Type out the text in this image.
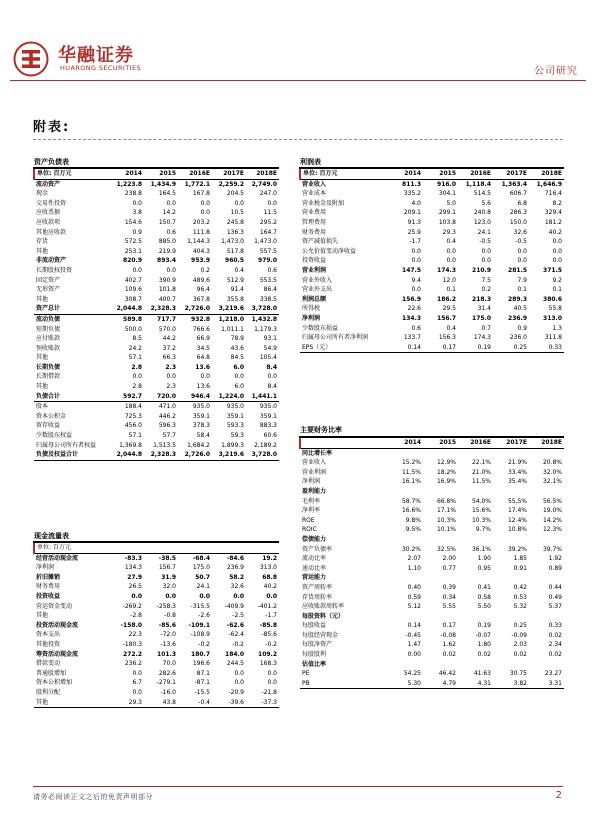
华融证券
HUARONG SECURITIES	公司研究
附表:
资产负债表
单位: 百万元	2014	2015	2016E	2017E	2018E
流动资产	1,223.8	1,434.9	1,772.1	2,259.2	2,749.0
现金	238.8	164.5	167.8	204.5	247.0
交易性投资	0.0	0.0	0.0	0.0	0.0
应收票据	3.8	14.2	0.0	10.5	11.5
应收款项	154.6	150.7	203.2	245.8	295.2
其他应收款	0.9	0.6	111.8	136.3	164.7
存货	572.5	885.0	1,144.3	1,473.0	1,473.0
其他	253.1	219.9	404.3	517.8	557.5
非流动资产	820.9	893.4	953.9	960.5	979.0
长期股权投资	0.0	0.0	0.2	0.4	0.6
固定资产	402.7	390.9	489.6	512.9	553.5
无形资产	109.6	101.8	96.4	91.4	86.4
其他	308.7	400.7	367.8	355.8	338.5
资产总计	2,044.8	2,328.3	2,726.0	3,219.6	3,728.0
流动负债	589.8	717.7	932.8	1,218.0	1,432.8
短期负债	500.0	570.0	766.6	1,011.1	1,179.3
应付账款	8.5	44.2	66.9	78.9	93.1
预收账款	24.2	37.2	34.5	43.6	54.9
其他	57.1	66.3	64.8	84.5	105.4
长期负债	2.8	2.3	13.6	6.0	8.4
长期借款	0.0	0.0	0.0	0.0	0.0
其他	2.8	2.3	13.6	6.0	8.4
负债合计	592.7	720.0	946.4	1,224.0	1,441.1
股本	188.4	471.0	935.0	935.0	935.0
资本公积金	725.3	446.2	359.1	359.1	359.1
留存收益	456.0	596.3	378.3	593.3	883.3
少数股东权益	57.1	57.7	58.4	59.3	60.6
归属母公司所有者权益	1,369.8	1,513.5	1,684.2	1,899.3	2,189.2
负债及权益合计	2,044.8	2,328.3	2,726.0	3,219.6	3,728.0
利润表
单位: 百万元	2014	2015	2016E	2017E	2018E
营业收入	811.3	916.0	1,118.4	1,363.4	1,646.9
营业成本	335.2	304.1	514.5	606.7	716.4
营业税金及附加	4.0	5.0	5.6	6.8	8.2
营业费用	209.1	299.1	240.8	286.3	329.4
管理费用	91.3	103.8	123.0	150.0	181.2
财务费用	25.9	29.3	24.1	32.6	40.2
资产减值损失	-1.7	0.4	-0.5	-0.5	0.0
公允价值变动净收益	0.0	0.0	0.0	0.0	0.0
投资收益	0.0	0.0	0.0	0.0	0.0
营业利润	147.5	174.3	210.9	281.5	371.5
营业外收入	9.4	12.0	7.5	7.9	9.2
营业外支出	0.0	0.1	0.2	0.1	0.1
利润总额	156.9	186.2	218.3	289.3	380.6
所得税	22.6	29.5	31.4	40.5	55.8
净利润	134.3	156.7	175.0	236.9	313.0
少数股东损益	0.6	0.4	0.7	0.9	1.3
归属母公司所有者净利润	133.7	156.3	174.3	236.0	311.8
EPS（元）	0.14	0.17	0.19	0.25	0.33
主要财务比率
	2014	2015	2016E	2017E	2018E
同比增长率					
营业收入	15.2%	12.9%	22.1%	21.9%	20.8%
营业利润	11.5%	18.2%	21.0%	33.4%	32.0%
净利润	16.1%	16.9%	11.5%	35.4%	32.1%
盈利能力					
毛利率	58.7%	66.8%	54.0%	55.5%	56.5%
净利率	16.6%	17.1%	15.6%	17.4%	19.0%
ROE	9.8%	10.3%	10.3%	12.4%	14.2%
ROIC	9.5%	10.1%	9.7%	10.8%	12.3%
偿债能力					
资产负债率	30.2%	32.5%	36.1%	39.2%	39.7%
流动比率	2.07	2.00	1.90	1.85	1.92
速动比率	1.10	0.77	0.95	0.91	0.89
营运能力					
资产周转率	0.40	0.39	0.41	0.42	0.44
存货周转率	0.59	0.34	0.58	0.53	0.49
应收账款周转率	5.12	5.55	5.50	5.32	5.37
每股资料（元）					
每股收益	0.14	0.17	0.19	0.25	0.33
每股经营现金	-0.45	-0.08	-0.07	-0.09	0.02
每股净资产	1.47	1.62	1.80	2.03	2.34
每股股利	0.00	0.02	0.02	0.02	0.02
估值比率					
PE	54.25	46.42	41.63	30.75	23.27
PB	5.30	4.79	4.31	3.82	3.31
现金流量表
单位: 百万元					
经营活动现金流	-83.3	-38.5	-68.4	-84.6	19.2
净利润	134.3	156.7	175.0	236.9	313.0
折旧摊销	27.9	31.9	50.7	58.2	68.8
财务费用	26.5	32.0	24.1	32.6	40.2
投资收益	0.0	0.0	0.0	0.0	0.0
营运资金变动	-269.2	-258.3	-315.5	-409.9	-401.2
其他	-2.8	-0.8	-2.6	-2.5	-1.7
投资活动现金流	-158.0	-85.6	-109.1	-62.6	-85.8
资本支出	22.3	-72.0	-108.9	-62.4	-85.6
其他投资	-180.3	-13.6	-0.2	-0.2	-0.2
筹资活动现金流	272.2	101.3	180.7	184.0	109.2
借款变动	236.2	70.0	196.6	244.5	168.3
普通股增加	0.0	282.6	87.1	0.0	0.0
资本公积增加	6.7	-279.1	-87.1	0.0	0.0
股利分配	0.0	-16.0	-15.5	-20.9	-21.8
其他	29.3	43.8	-0.4	-39.6	-37.3
请务必阅读正文之后的免责声明部分	2
